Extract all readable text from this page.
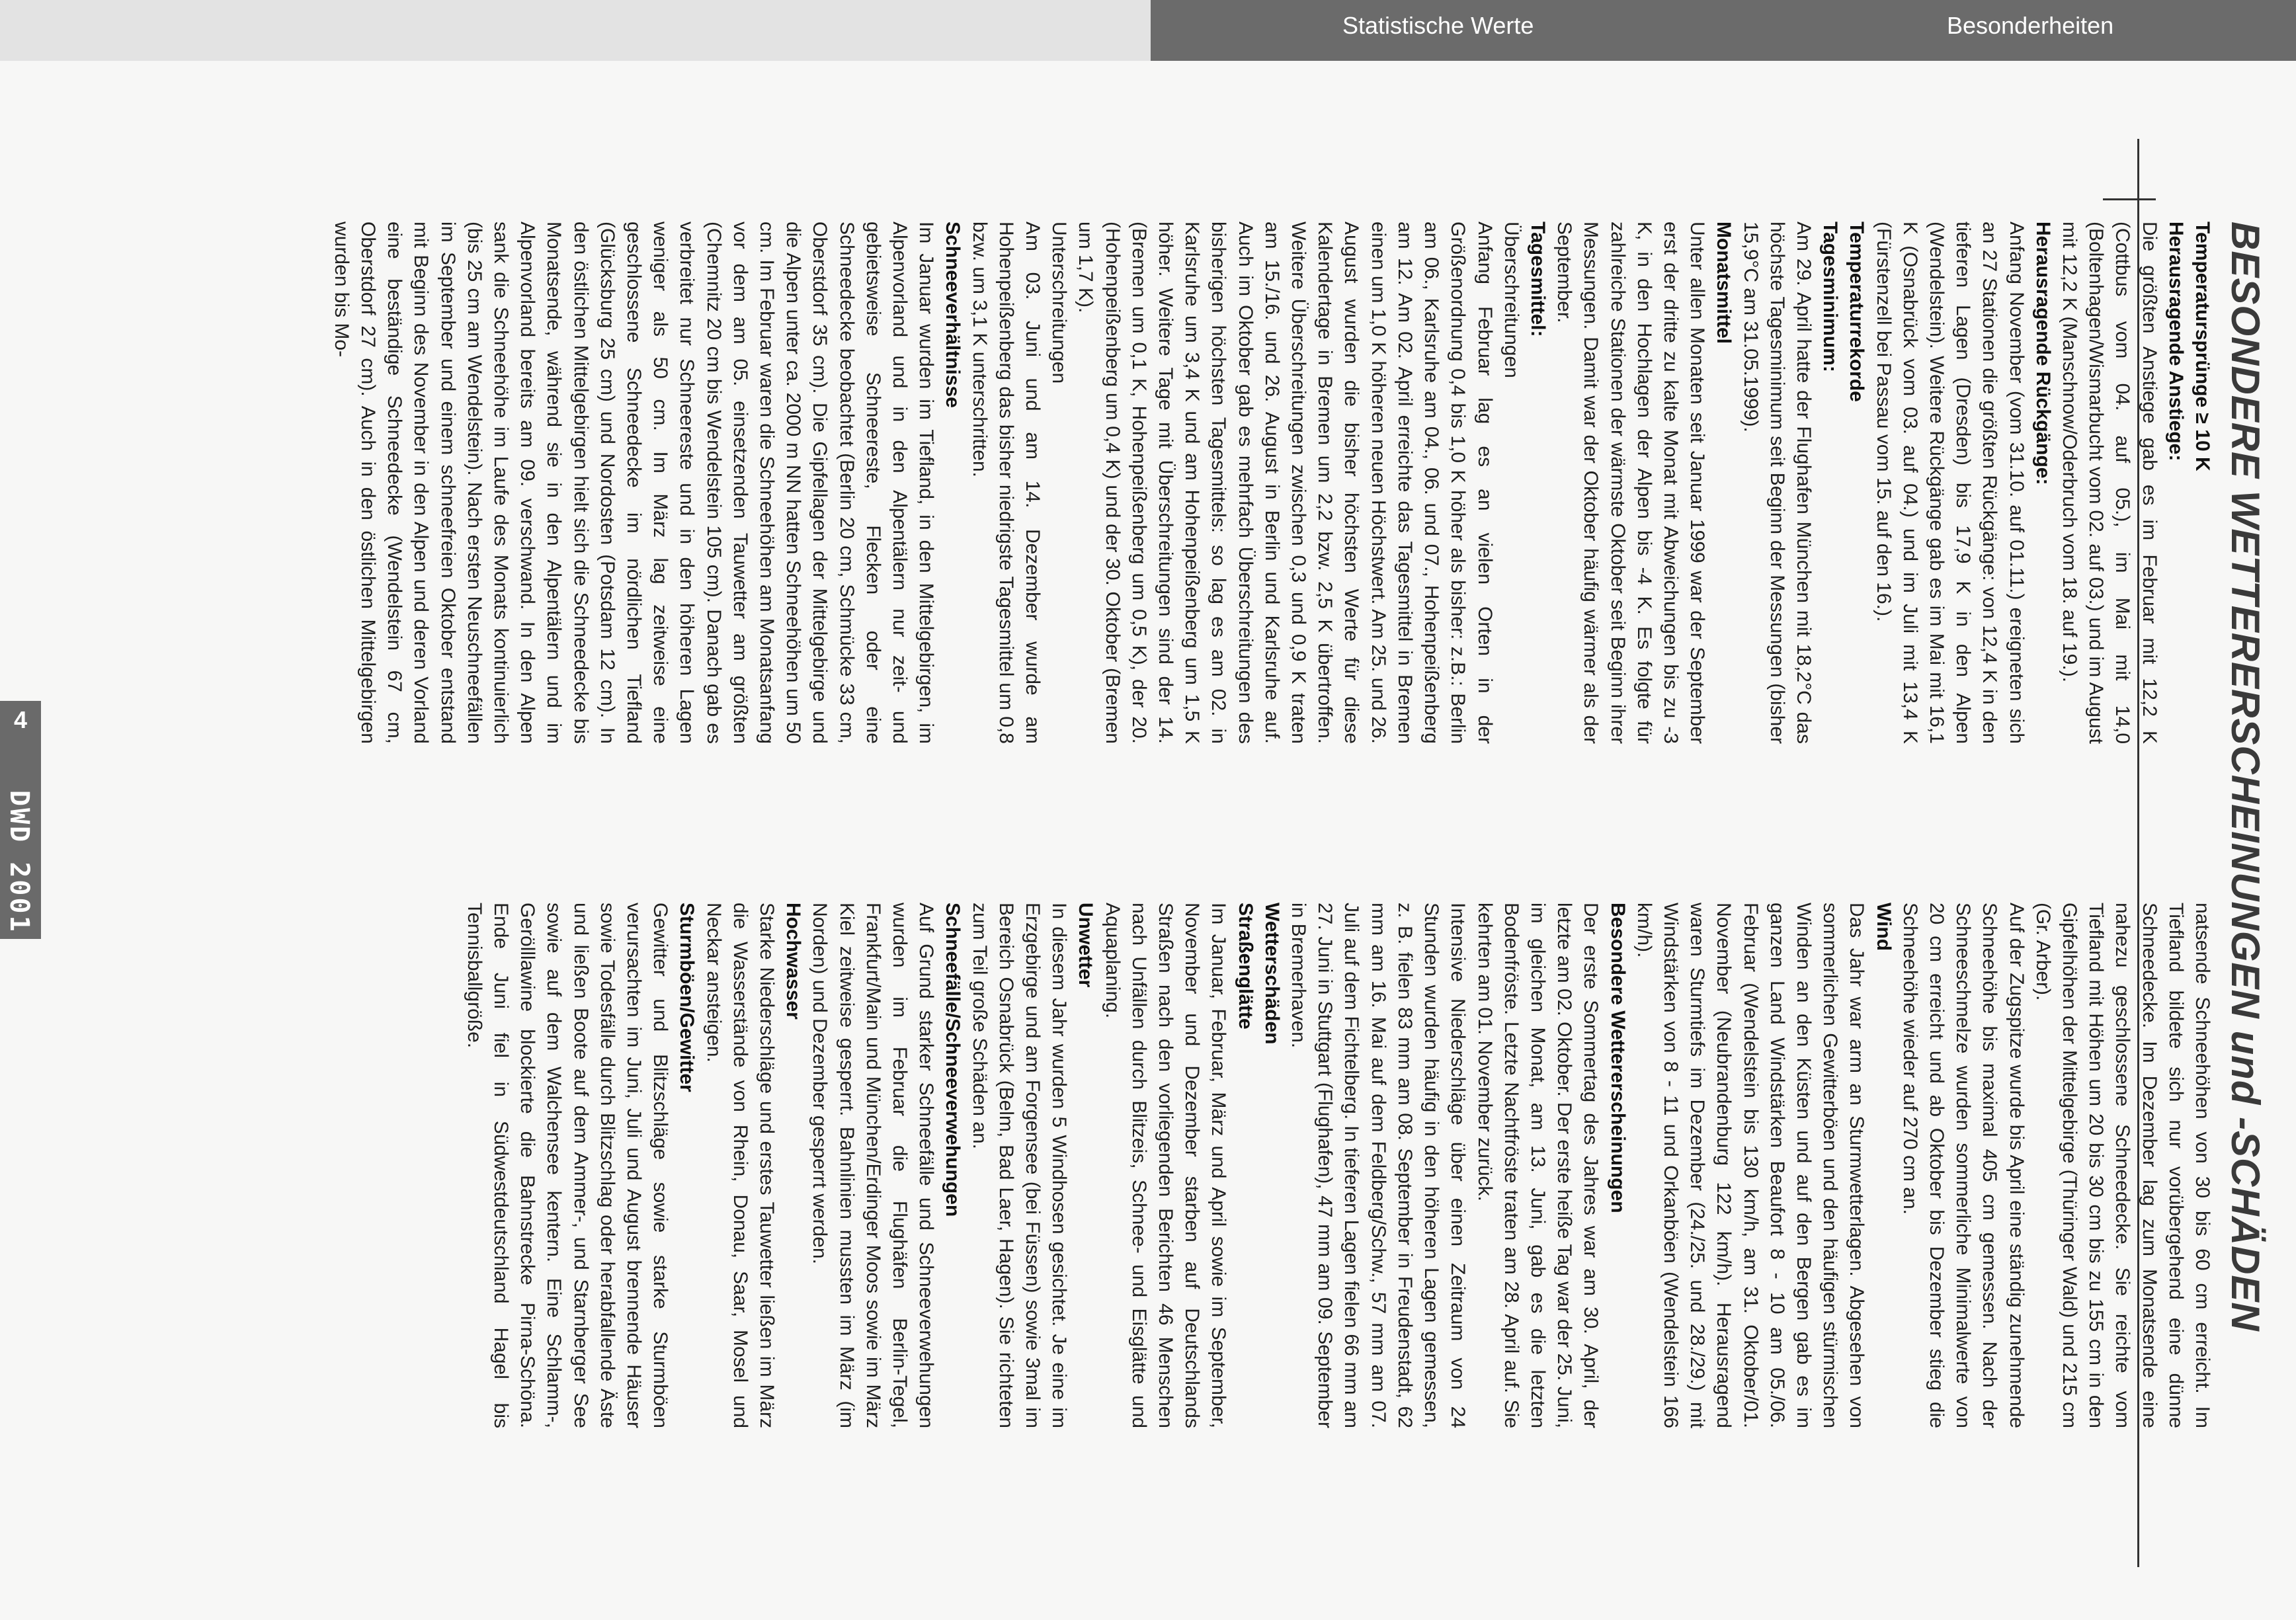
Statistische Werte	Besonderheiten
BESONDERE WETTERERSCHEINUNGEN und -SCHÄDEN
Temperatursprünge ≥ 10 K
Herausragende Anstiege:

Die größten Anstiege gab es im Februar mit 12,2 K (Cottbus vom 04. auf 05.), im Mai mit 14,0 (Boltenhagen/Wismarbucht vom 02. auf 03.) und im August mit 12,2 K (Manschnow/Oderbruch vom 18. auf 19.).

Herausragende Rückgänge:

Anfang November (vom 31.10. auf 01.11.) ereigneten sich an 27 Stationen die größten Rückgänge: von 12,4 K in den tieferen Lagen (Dresden) bis 17,9 K in den Alpen (Wendelstein). Weitere Rückgänge gab es im Mai mit 16,1 K (Osnabrück vom 03. auf 04.) und im Juli mit 13,4 K (Fürstenzell bei Passau vom 15. auf den 16.).

Temperaturrekorde
Tagesminimum:

Am 29. April hatte der Flughafen München mit 18,2°C das höchste Tagesminimum seit Beginn der Messungen (bisher 15,9°C am 31.05.1999).

Monatsmittel

Unter allen Monaten seit Januar 1999 war der September erst der dritte zu kalte Monat mit Abweichungen bis zu -3 K, in den Hochlagen der Alpen bis -4 K. Es folgte für zahlreiche Stationen der wärmste Oktober seit Beginn ihrer Messungen. Damit war der Oktober häufig wärmer als der September.

Tagesmittel:

Überschreitungen

Anfang Februar lag es an vielen Orten in der Größenordnung 0,4 bis 1,0 K höher als bisher: z.B.: Berlin am 06., Karlsruhe am 04., 06. und 07., Hohenpeißenberg am 12. Am 02. April erreichte das Tagesmittel in Bremen einen um 1,0 K höheren neuen Höchstwert. Am 25. und 26. August wurden die bisher höchsten Werte für diese Kalendertage in Bremen um 2,2 bzw. 2,5 K übertroffen. Weitere Überschreitungen zwischen 0,3 und 0,9 K traten am 15./16. und 26. August in Berlin und Karlsruhe auf. Auch im Oktober gab es mehrfach Überschreitungen des bisherigen höchsten Tagesmittels: so lag es am 02. in Karlsruhe um 3,4 K und am Hohenpeißenberg um 1,5 K höher. Weitere Tage mit Überschreitungen sind der 14. (Bremen um 0,1 K, Hohenpeißenberg um 0,5 K), der 20. (Hohenpeißenberg um 0,4 K) und der 30. Oktober (Bremen um 1,7 K).

Unterschreitungen

Am 03. Juni und am 14. Dezember wurde am Hohenpeißenberg das bisher niedrigste Tagesmittel um 0,8 bzw. um 3,1 K unterschritten.

Schneeverhältnisse

Im Januar wurden im Tiefland, in den Mittelgebirgen, im Alpenvorland und in den Alpentälern nur zeit- und gebietsweise Schneereste, Flecken oder eine Schneedecke beobachtet (Berlin 20 cm, Schmücke 33 cm, Oberstdorf 35 cm). Die Gipfellagen der Mittelgebirge und die Alpen unter ca. 2000 m NN hatten Schneehöhen um 50 cm. Im Februar waren die Schneehöhen am Monatsanfang vor dem am 05. einsetzenden Tauwetter am größten (Chemnitz 20 cm bis Wendelstein 105 cm). Danach gab es verbreitet nur Schneereste und in den höheren Lagen weniger als 50 cm. Im März lag zeitweise eine geschlossene Schneedecke im nördlichen Tiefland (Glücksburg 25 cm) und Nordosten (Potsdam 12 cm). In den östlichen Mittelgebirgen hielt sich die Schneedecke bis Monatsende, während sie in den Alpentälern und im Alpenvorland bereits am 09. verschwand. In den Alpen sank die Schneehöhe im Laufe des Monats kontinuierlich (bis 25 cm am Wendelstein). Nach ersten Neuschneefällen im September und einem schneefreien Oktober entstand mit Beginn des November in den Alpen und deren Vorland eine beständige Schneedecke (Wendelstein 67 cm, Oberstdorf 27 cm). Auch in den östlichen Mittelgebirgen wurden bis Mo-

natsende Schneehöhen von 30 bis 60 cm erreicht. Im Tiefland bildete sich nur vorübergehend eine dünne Schneedecke. Im Dezember lag zum Monatsende eine nahezu geschlossene Schneedecke. Sie reichte vom Tiefland mit Höhen um 20 bis 30 cm bis zu 155 cm in den Gipfelhöhen der Mittelgebirge (Thüringer Wald) und 215 cm (Gr. Arber).

Auf der Zugspitze wurde bis April eine ständig zunehmende Schneehöhe bis maximal 405 cm gemessen. Nach der Schneeschmelze wurden sommerliche Minimalwerte von 20 cm erreicht und ab Oktober bis Dezember stieg die Schneehöhe wieder auf 270 cm an.

Wind

Das Jahr war arm an Sturmwetterlagen. Abgesehen von sommerlichen Gewitterböen und den häufigen stürmischen Winden an den Küsten und auf den Bergen gab es im ganzen Land Windstärken Beaufort 8 - 10 am 05./06. Februar (Wendelstein bis 130 km/h, am 31. Oktober/01. November (Neubrandenburg 122 km/h). Herausragend waren Sturmtiefs im Dezember (24./25. und 28./29.) mit Windstärken von 8 - 11 und Orkanböen (Wendelstein 166 km/h).

Besondere Wettererscheinungen

Der erste Sommertag des Jahres war am 30. April, der letzte am 02. Oktober. Der erste heiße Tag war der 25. Juni, im gleichen Monat, am 13. Juni, gab es die letzten Bodenfröste. Letzte Nachtfröste traten am 28. April auf. Sie kehrten am 01. November zurück.

Intensive Niederschläge über einen Zeitraum von 24 Stunden wurden häufig in den höheren Lagen gemessen, z. B. fielen 83 mm am 08. September in Freudenstadt, 62 mm am 16. Mai auf dem Feldberg/Schw., 57 mm am 07. Juli auf dem Fichtelberg. In tieferen Lagen fielen 66 mm am 27. Juni in Stuttgart (Flughafen), 47 mm am 09. September in Bremerhaven.

Wetterschäden
Straßenglätte

Im Januar, Februar, März und April sowie im September, November und Dezember starben auf Deutschlands Straßen nach den vorliegenden Berichten 46 Menschen nach Unfällen durch Blitzeis, Schnee- und Eisglätte und Aquaplaning.

Unwetter

In diesem Jahr wurden 5 Windhosen gesichtet. Je eine im Erzgebirge und am Forgensee (bei Füssen) sowie 3mal im Bereich Osnabrück (Belm, Bad Laer, Hagen). Sie richteten zum Teil große Schäden an.

Schneefälle/Schneeverwehungen

Auf Grund starker Schneefälle und Schneeverwehungen wurden im Februar die Flughäfen Berlin-Tegel, Frankfurt/Main und München/Erdinger Moos sowie im März Kiel zeitweise gesperrt. Bahnlinien mussten im März (im Norden) und Dezember gesperrt werden.

Hochwasser

Starke Niederschläge und erstes Tauwetter ließen im März die Wasserstände von Rhein, Donau, Saar, Mosel und Neckar ansteigen.

Sturmböen/Gewitter

Gewitter und Blitzschläge sowie starke Sturmböen verursachten im Juni, Juli und August brennende Häuser sowie Todesfälle durch Blitzschlag oder herabfallende Äste und ließen Boote auf dem Ammer-, und Starnberger See sowie auf dem Walchensee kentern. Eine Schlamm-, Gerölllawine blockierte die Bahnstrecke Pirna-Schöna. Ende Juni fiel in Südwestdeutschland Hagel bis Tennisballgröße.

4
DWD 2001
